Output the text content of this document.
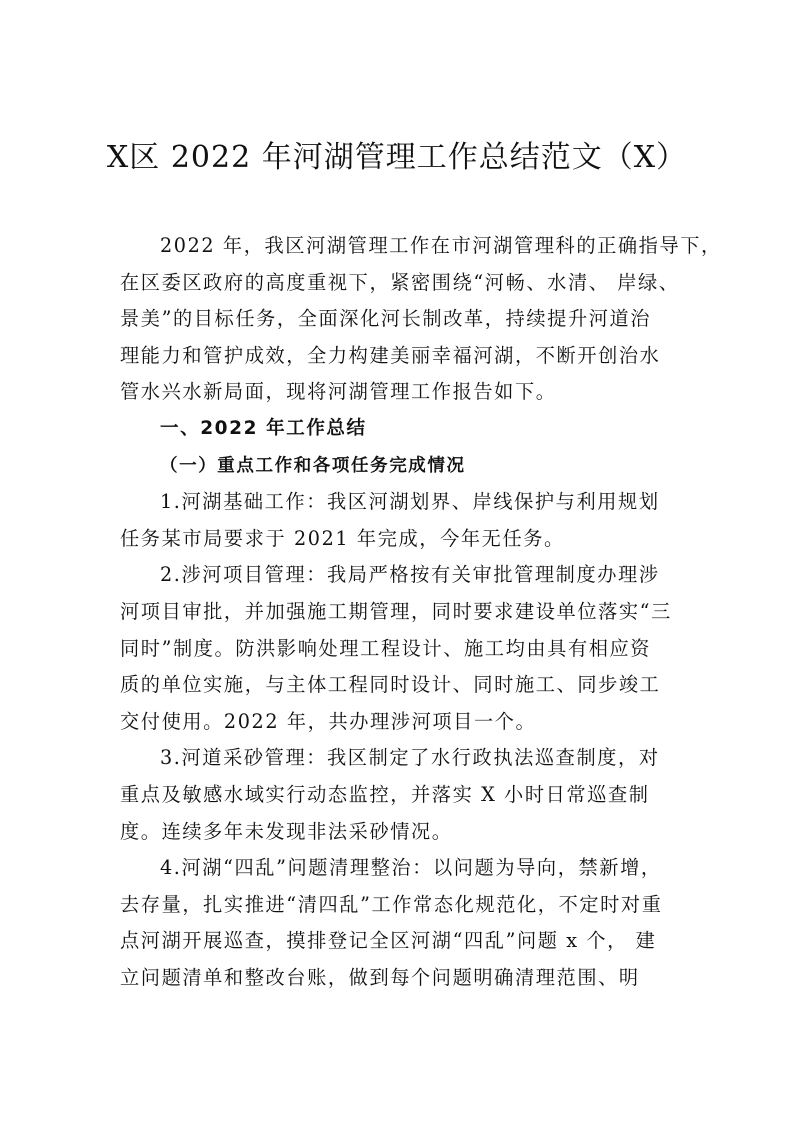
X区 2022 年河湖管理工作总结范文（X）
2022 年，我区河湖管理工作在市河湖管理科的正确指导下，
在区委区政府的高度重视下，紧密围绕“河畅、水清、 岸绿、
景美”的目标任务，全面深化河长制改革，持续提升河道治
理能力和管护成效，全力构建美丽幸福河湖，不断开创治水
管水兴水新局面，现将河湖管理工作报告如下。
一、2022 年工作总结
（一）重点工作和各项任务完成情况
1.河湖基础工作：我区河湖划界、岸线保护与利用规划
任务某市局要求于 2021 年完成，今年无任务。
2.涉河项目管理：我局严格按有关审批管理制度办理涉
河项目审批，并加强施工期管理，同时要求建设单位落实“三
同时”制度。防洪影响处理工程设计、施工均由具有相应资
质的单位实施，与主体工程同时设计、同时施工、同步竣工
交付使用。2022 年，共办理涉河项目一个。
3.河道采砂管理：我区制定了水行政执法巡查制度，对
重点及敏感水域实行动态监控，并落实 X 小时日常巡查制
度。连续多年未发现非法采砂情况。
4.河湖“四乱”问题清理整治：以问题为导向，禁新增，
去存量，扎实推进“清四乱”工作常态化规范化，不定时对重
点河湖开展巡查，摸排登记全区河湖“四乱”问题 x 个， 建
立问题清单和整改台账，做到每个问题明确清理范围、明
